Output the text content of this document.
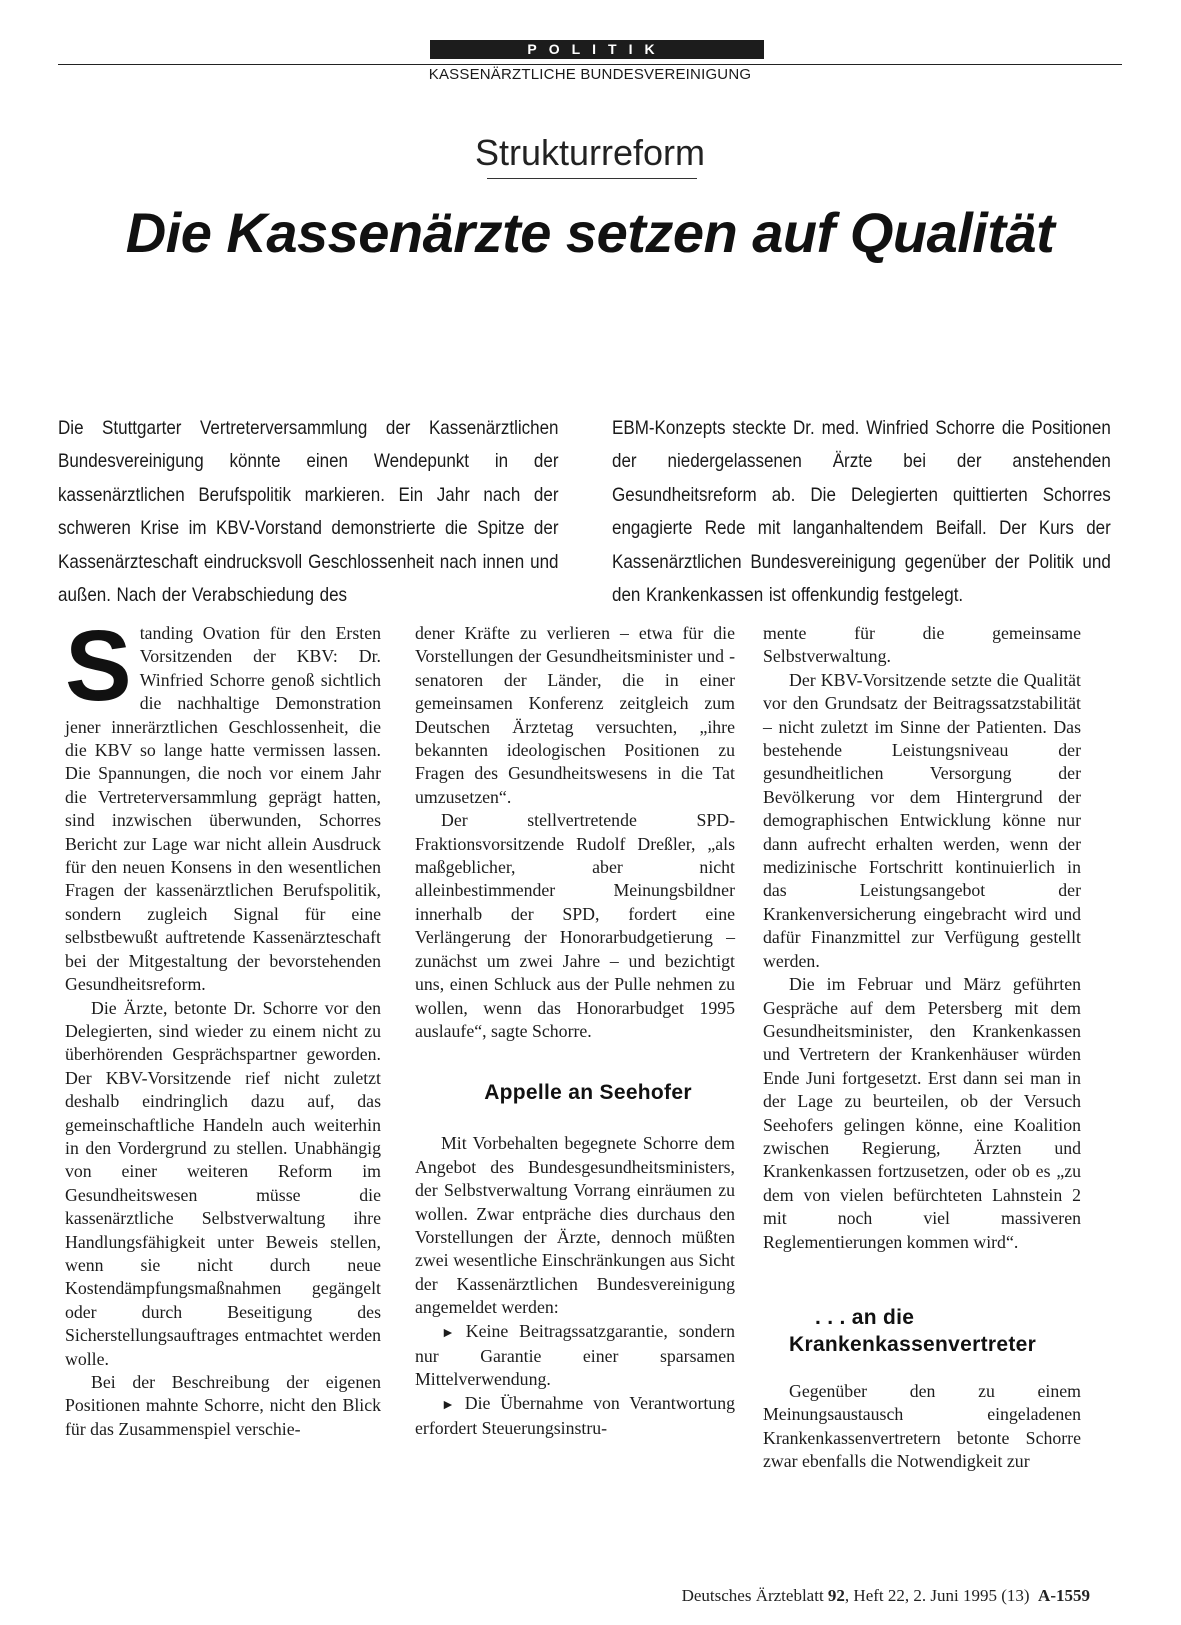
POLITIK
KASSENÄRZTLICHE BUNDESVEREINIGUNG
Strukturreform
Die Kassenärzte setzen auf Qualität
Die Stuttgarter Vertreterversammlung der Kassenärztlichen Bundesvereinigung könnte einen Wendepunkt in der kassenärztlichen Berufspolitik markieren. Ein Jahr nach der schweren Krise im KBV-Vorstand demonstrierte die Spitze der Kassenärzteschaft eindrucksvoll Geschlossenheit nach innen und außen. Nach der Verabschiedung des
EBM-Konzepts steckte Dr. med. Winfried Schorre die Positionen der niedergelassenen Ärzte bei der anstehenden Gesundheitsreform ab. Die Delegierten quittierten Schorres engagierte Rede mit langanhaltendem Beifall. Der Kurs der Kassenärztlichen Bundesvereinigung gegenüber der Politik und den Krankenkassen ist offenkundig festgelegt.
S tanding Ovation für den Ersten Vorsitzenden der KBV: Dr. Winfried Schorre genoß sichtlich die nachhaltige Demonstration jener innerärztlichen Geschlossenheit, die die KBV so lange hatte vermissen lassen. Die Spannungen, die noch vor einem Jahr die Vertreterversammlung geprägt hatten, sind inzwischen überwunden, Schorres Bericht zur Lage war nicht allein Ausdruck für den neuen Konsens in den wesentlichen Fragen der kassenärztlichen Berufspolitik, sondern zugleich Signal für eine selbstbewußt auftretende Kassenärzteschaft bei der Mitgestaltung der bevorstehenden Gesundheitsreform.

Die Ärzte, betonte Dr. Schorre vor den Delegierten, sind wieder zu einem nicht zu überhörenden Gesprächspartner geworden. Der KBV-Vorsitzende rief nicht zuletzt deshalb eindringlich dazu auf, das gemeinschaftliche Handeln auch weiterhin in den Vordergrund zu stellen. Unabhängig von einer weiteren Reform im Gesundheitswesen müsse die kassenärztliche Selbstverwaltung ihre Handlungsfähigkeit unter Beweis stellen, wenn sie nicht durch neue Kostendämpfungsmaßnahmen gegängelt oder durch Beseitigung des Sicherstellungsauftrages entmachtet werden wolle.

Bei der Beschreibung der eigenen Positionen mahnte Schorre, nicht den Blick für das Zusammenspiel verschie-

dener Kräfte zu verlieren – etwa für die Vorstellungen der Gesundheitsminister und -senatoren der Länder, die in einer gemeinsamen Konferenz zeitgleich zum Deutschen Ärztetag versuchten, „ihre bekannten ideologischen Positionen zu Fragen des Gesundheitswesens in die Tat umzusetzen“.

Der stellvertretende SPD-Fraktionsvorsitzende Rudolf Dreßler, „als maßgeblicher, aber nicht alleinbestimmender Meinungsbildner innerhalb der SPD, fordert eine Verlängerung der Honorarbudgetierung – zunächst um zwei Jahre – und bezichtigt uns, einen Schluck aus der Pulle nehmen zu wollen, wenn das Honorarbudget 1995 auslaufe“, sagte Schorre.

Appelle an Seehofer

Mit Vorbehalten begegnete Schorre dem Angebot des Bundesgesundheitsministers, der Selbstverwaltung Vorrang einräumen zu wollen. Zwar entpräche dies durchaus den Vorstellungen der Ärzte, dennoch müßten zwei wesentliche Einschränkungen aus Sicht der Kassenärztlichen Bundesvereinigung angemeldet werden:

► Keine Beitragssatzgarantie, sondern nur Garantie einer sparsamen Mittelverwendung.

► Die Übernahme von Verantwortung erfordert Steuerungsinstru-

mente für die gemeinsame Selbstverwaltung.

Der KBV-Vorsitzende setzte die Qualität vor den Grundsatz der Beitragssatzstabilität – nicht zuletzt im Sinne der Patienten. Das bestehende Leistungsniveau der gesundheitlichen Versorgung der Bevölkerung vor dem Hintergrund der demographischen Entwicklung könne nur dann aufrecht erhalten werden, wenn der medizinische Fortschritt kontinuierlich in das Leistungsangebot der Krankenversicherung eingebracht wird und dafür Finanzmittel zur Verfügung gestellt werden.

Die im Februar und März geführten Gespräche auf dem Petersberg mit dem Gesundheitsminister, den Krankenkassen und Vertretern der Krankenhäuser würden Ende Juni fortgesetzt. Erst dann sei man in der Lage zu beurteilen, ob der Versuch Seehofers gelingen könne, eine Koalition zwischen Regierung, Ärzten und Krankenkassen fortzusetzen, oder ob es „zu dem von vielen befürchteten Lahnstein 2 mit noch viel massiveren Reglementierungen kommen wird“.

. . . an die Krankenkassenvertreter

Gegenüber den zu einem Meinungsaustausch eingeladenen Krankenkassenvertretern betonte Schorre zwar ebenfalls die Notwendigkeit zur

Deutsches Ärzteblatt 92, Heft 22, 2. Juni 1995 (13) A-1559
